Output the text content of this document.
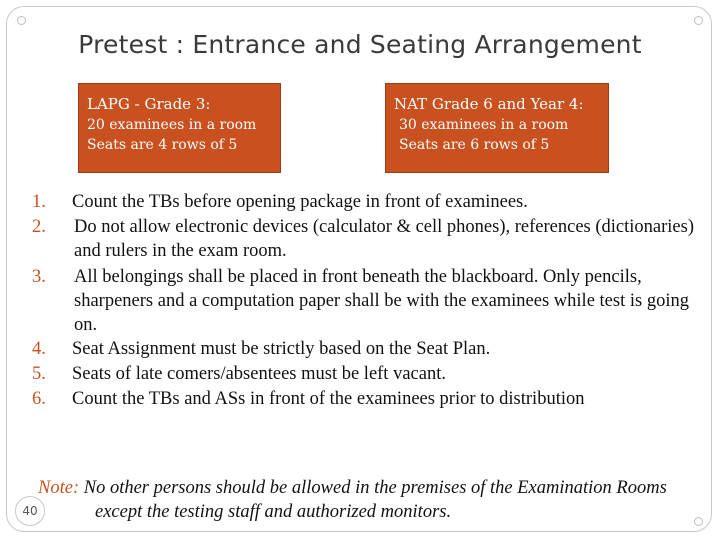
Pretest : Entrance and Seating Arrangement
LAPG - Grade 3:
20 examinees in a room
Seats are 4 rows of 5
NAT Grade 6 and Year 4:
30 examinees in a room
Seats are 6 rows of 5
1.	Count the TBs before opening package in front of examinees.
2.	Do not allow electronic devices (calculator & cell phones), references (dictionaries) and rulers in the exam room.
3.	All belongings shall be placed in front beneath the blackboard. Only pencils, sharpeners and a computation paper shall be with the examinees while test is going on.
4.	Seat Assignment must be strictly based on the Seat Plan.
5.	Seats of late comers/absentees must be left vacant.
6.	Count the TBs and ASs in front of the examinees prior to distribution
Note: No other persons should be allowed in the premises of the Examination Rooms
except the testing staff and authorized monitors.
40
